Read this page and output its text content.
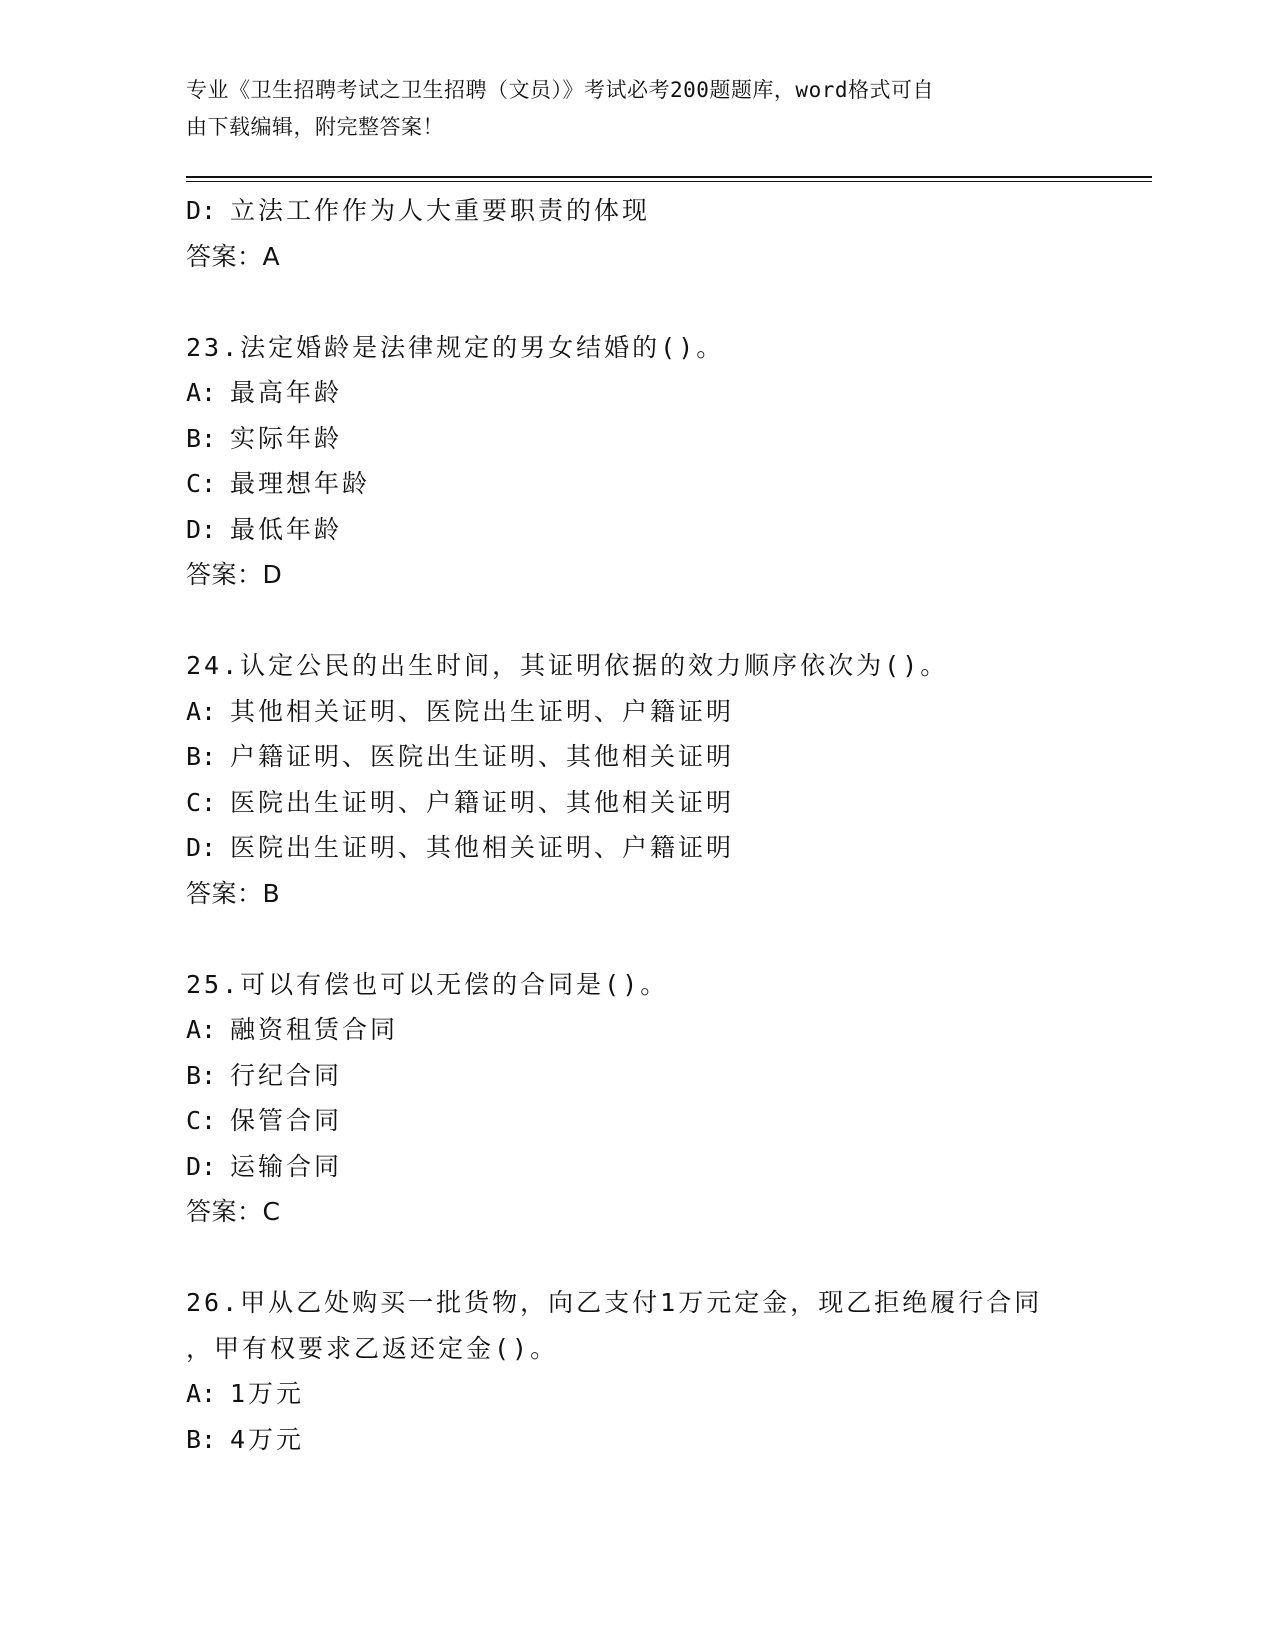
专业《卫生招聘考试之卫生招聘（文员）》考试必考200题题库，word格式可自
由下载编辑，附完整答案！
D: 立法工作作为人大重要职责的体现
答案：A
23.法定婚龄是法律规定的男女结婚的()。
A: 最高年龄
B: 实际年龄
C: 最理想年龄
D: 最低年龄
答案：D
24.认定公民的出生时间，其证明依据的效力顺序依次为()。
A: 其他相关证明、医院出生证明、户籍证明
B: 户籍证明、医院出生证明、其他相关证明
C: 医院出生证明、户籍证明、其他相关证明
D: 医院出生证明、其他相关证明、户籍证明
答案：B
25.可以有偿也可以无偿的合同是()。
A: 融资租赁合同
B: 行纪合同
C: 保管合同
D: 运输合同
答案：C
26.甲从乙处购买一批货物，向乙支付1万元定金，现乙拒绝履行合同
，甲有权要求乙返还定金()。
A: 1万元
B: 4万元
